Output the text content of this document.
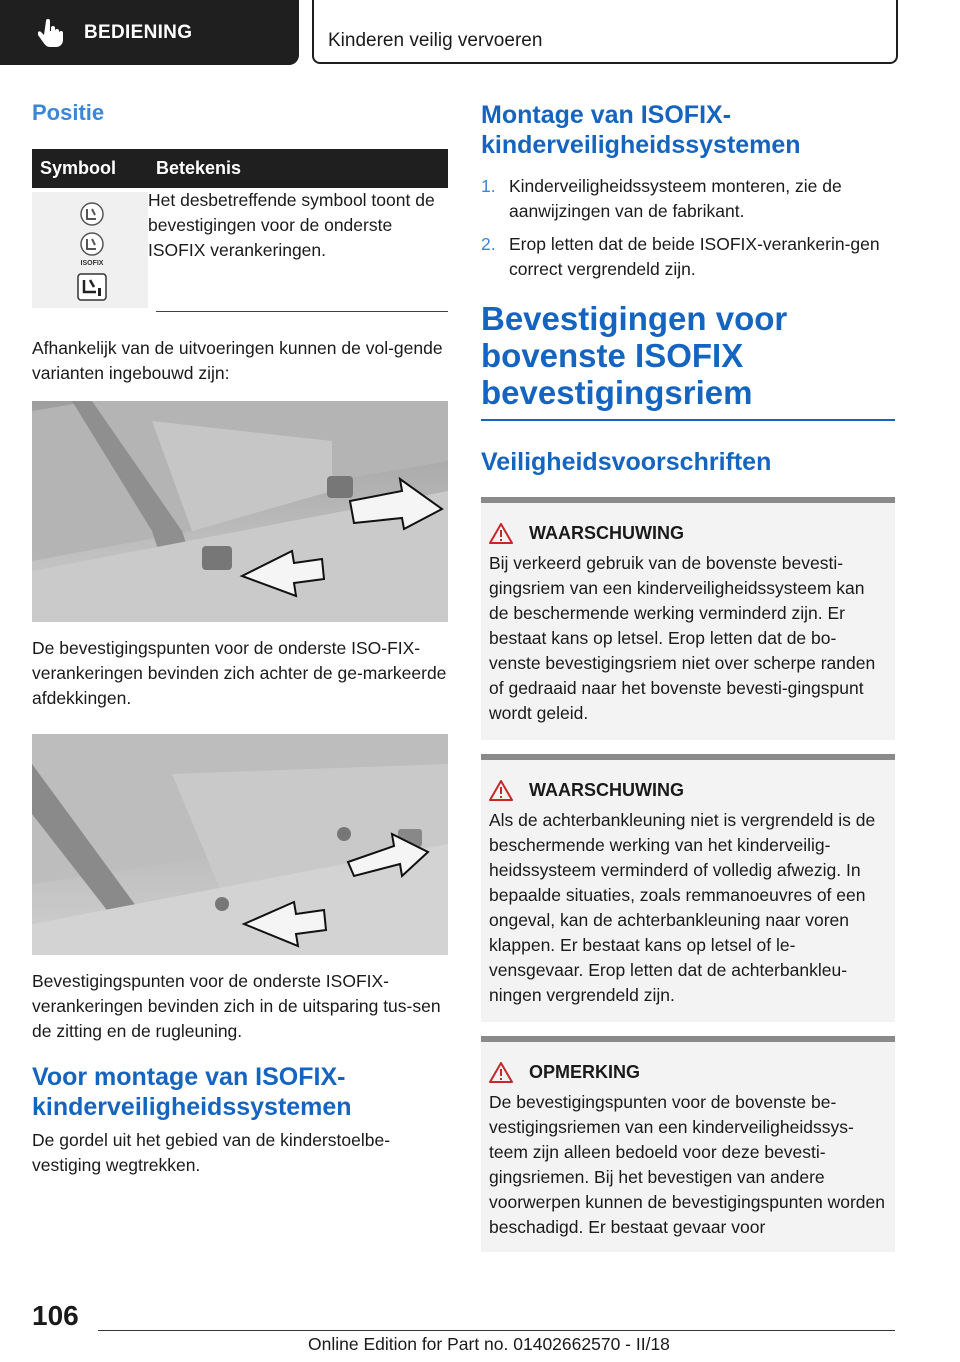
BEDIENING	Kinderen veilig vervoeren
Positie
Symbool	Betekenis

ISOFIX	Het desbetreffende symbool toont de bevestigingen voor de onderste ISOFIX verankeringen.

Afhankelijk van de uitvoeringen kunnen de vol-gende varianten ingebouwd zijn:

De bevestigingspunten voor de onderste ISO-FIX-verankeringen bevinden zich achter de ge-markeerde afdekkingen.

Bevestigingspunten voor de onderste ISOFIX-verankeringen bevinden zich in de uitsparing tus-sen de zitting en de rugleuning.

Voor montage van ISOFIX-kinderveiligheidssystemen

De gordel uit het gebied van de kinderstoelbe-vestiging wegtrekken.

Montage van ISOFIX-kinderveiligheidssystemen
1. Kinderveiligheidssysteem monteren, zie de aanwijzingen van de fabrikant.
2. Erop letten dat de beide ISOFIX-verankerin-gen correct vergrendeld zijn.
Bevestigingen voor bovenste ISOFIX bevestigingsriem
Veiligheidsvoorschriften
WAARSCHUWING

Bij verkeerd gebruik van de bovenste bevesti-gingsriem van een kinderveiligheidssysteem kan de beschermende werking verminderd zijn. Er bestaat kans op letsel. Erop letten dat de bo-venste bevestigingsriem niet over scherpe randen of gedraaid naar het bovenste bevesti-gingspunt wordt geleid.

WAARSCHUWING

Als de achterbankleuning niet is vergrendeld is de beschermende werking van het kinderveilig-heidssysteem verminderd of volledig afwezig. In bepaalde situaties, zoals remmanoeuvres of een ongeval, kan de achterbankleuning naar voren klappen. Er bestaat kans op letsel of le-vensgevaar. Erop letten dat de achterbankleu-ningen vergrendeld zijn.

OPMERKING

De bevestigingspunten voor de bovenste be-vestigingsriemen van een kinderveiligheidssys-teem zijn alleen bedoeld voor deze bevesti-gingsriemen. Bij het bevestigen van andere voorwerpen kunnen de bevestigingspunten worden beschadigd. Er bestaat gevaar voor

106
Online Edition for Part no. 01402662570 - II/18
